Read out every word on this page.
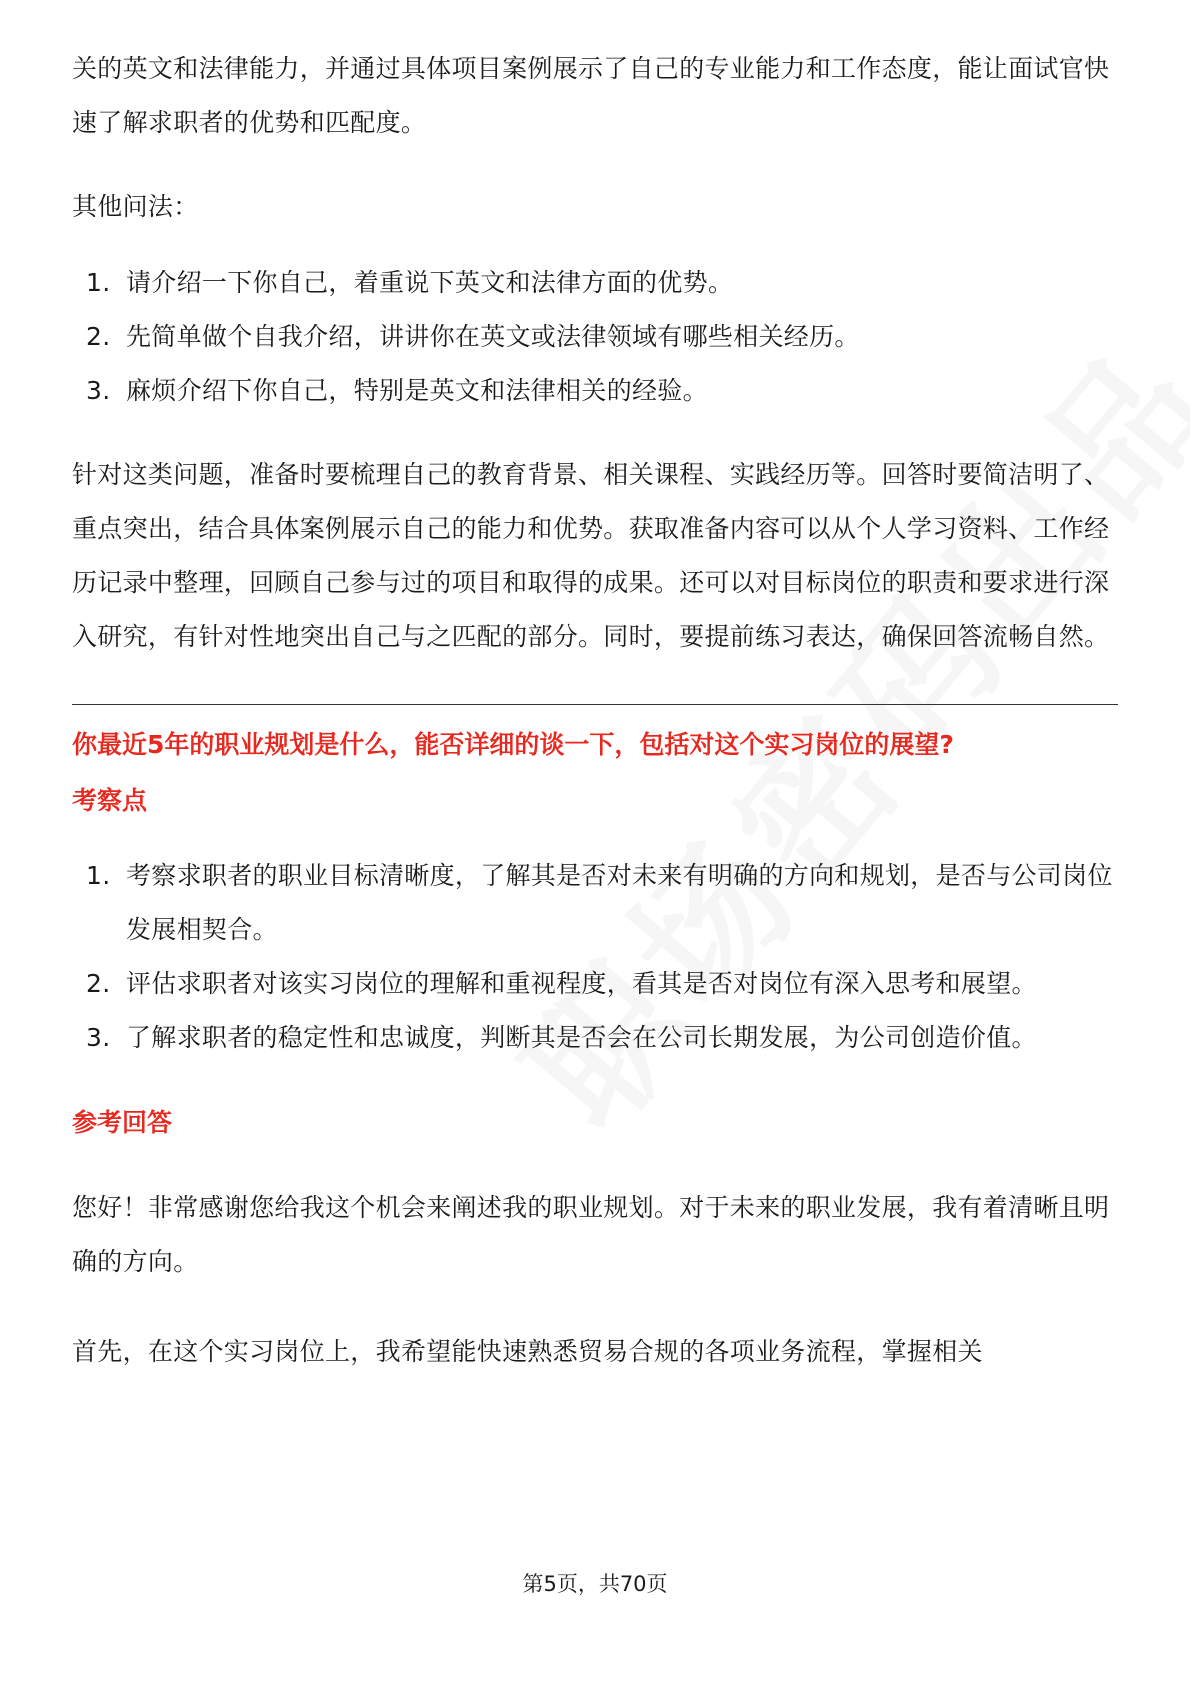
关的英文和法律能力，并通过具体项目案例展示了自己的专业能力和工作态度，能让面试官快速了解求职者的优势和匹配度。

其他问法：

1. 请介绍一下你自己，着重说下英文和法律方面的优势。
2. 先简单做个自我介绍，讲讲你在英文或法律领域有哪些相关经历。
3. 麻烦介绍下你自己，特别是英文和法律相关的经验。

针对这类问题，准备时要梳理自己的教育背景、相关课程、实践经历等。回答时要简洁明了、重点突出，结合具体案例展示自己的能力和优势。获取准备内容可以从个人学习资料、工作经历记录中整理，回顾自己参与过的项目和取得的成果。还可以对目标岗位的职责和要求进行深入研究，有针对性地突出自己与之匹配的部分。同时，要提前练习表达，确保回答流畅自然。

你最近5年的职业规划是什么，能否详细的谈一下，包括对这个实习岗位的展望?
考察点
1. 考察求职者的职业目标清晰度，了解其是否对未来有明确的方向和规划，是否与公司岗位发展相契合。
2. 评估求职者对该实习岗位的理解和重视程度，看其是否对岗位有深入思考和展望。
3. 了解求职者的稳定性和忠诚度，判断其是否会在公司长期发展，为公司创造价值。
参考回答

您好！非常感谢您给我这个机会来阐述我的职业规划。对于未来的职业发展，我有着清晰且明确的方向。

首先，在这个实习岗位上，我希望能快速熟悉贸易合规的各项业务流程，掌握相关

第5页，共70页
